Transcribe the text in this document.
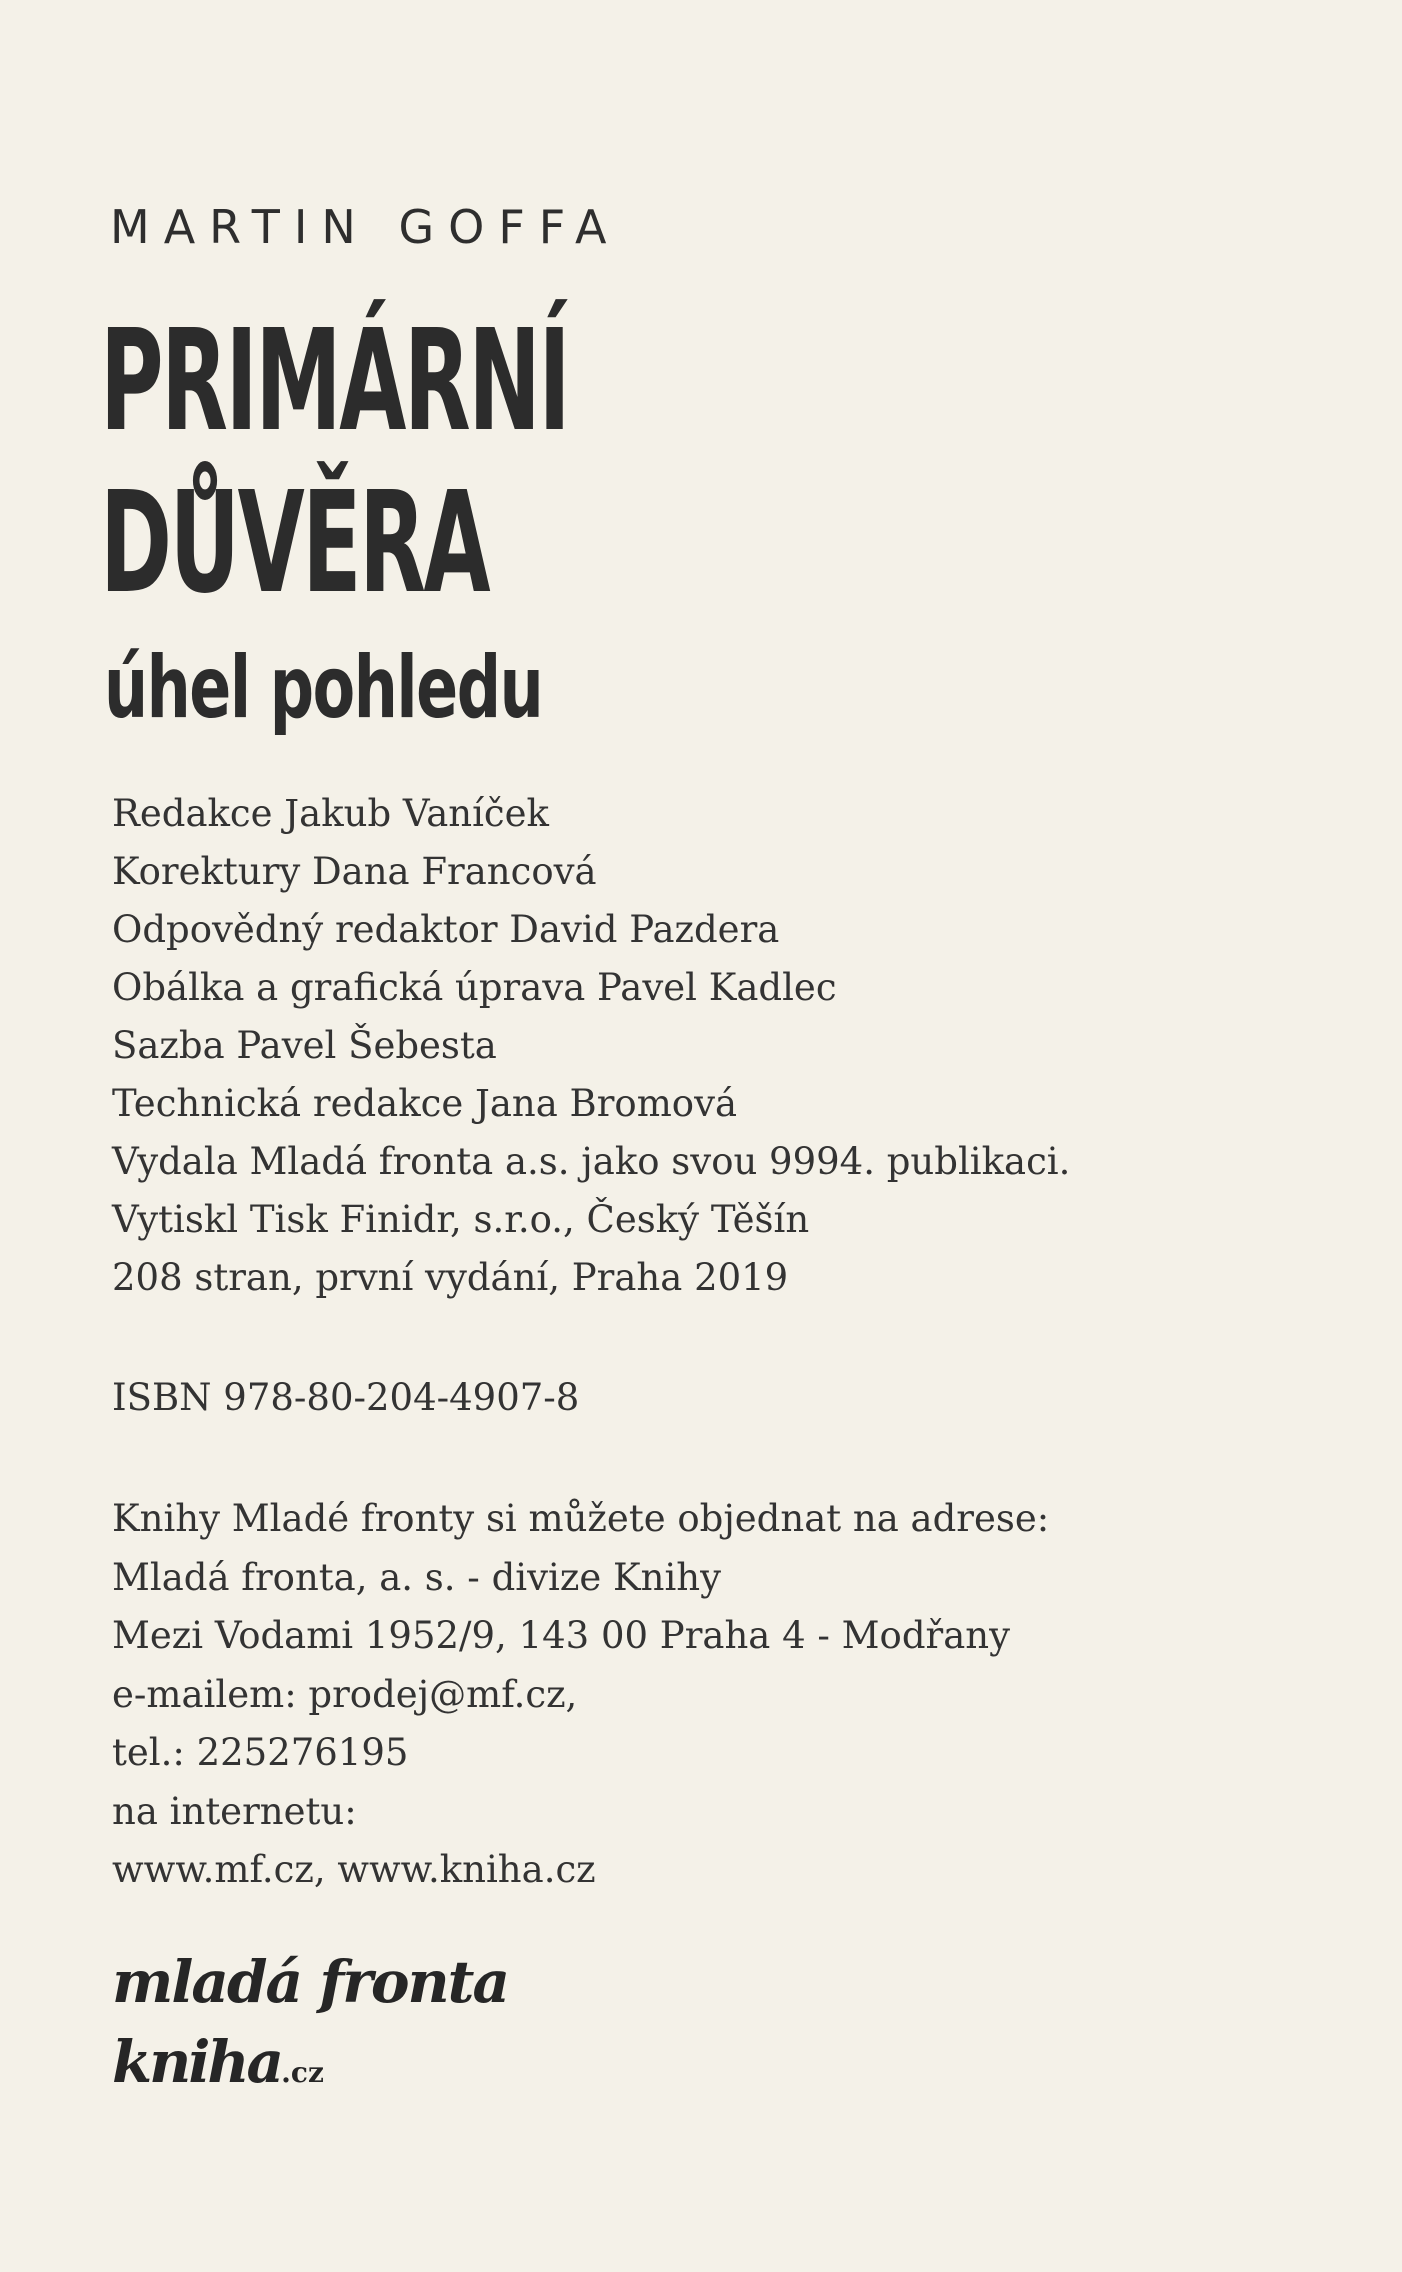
MARTIN GOFFA
PRIMÁRNÍ
DŮVĚRA
úhel pohledu
Redakce Jakub Vaníček
Korektury Dana Francová
Odpovědný redaktor David Pazdera
Obálka a grafická úprava Pavel Kadlec
Sazba Pavel Šebesta
Technická redakce Jana Bromová
Vydala Mladá fronta a.s. jako svou 9994. publikaci.
Vytiskl Tisk Finidr, s.r.o., Český Těšín
208 stran, první vydání, Praha 2019
ISBN 978-80-204-4907-8
Knihy Mladé fronty si můžete objednat na adrese:
Mladá fronta, a. s. - divize Knihy
Mezi Vodami 1952/9, 143 00 Praha 4 - Modřany
e-mailem: prodej@mf.cz,
tel.: 225276195
na internetu:
www.mf.cz, www.kniha.cz
mladá fronta
kniha.cz
